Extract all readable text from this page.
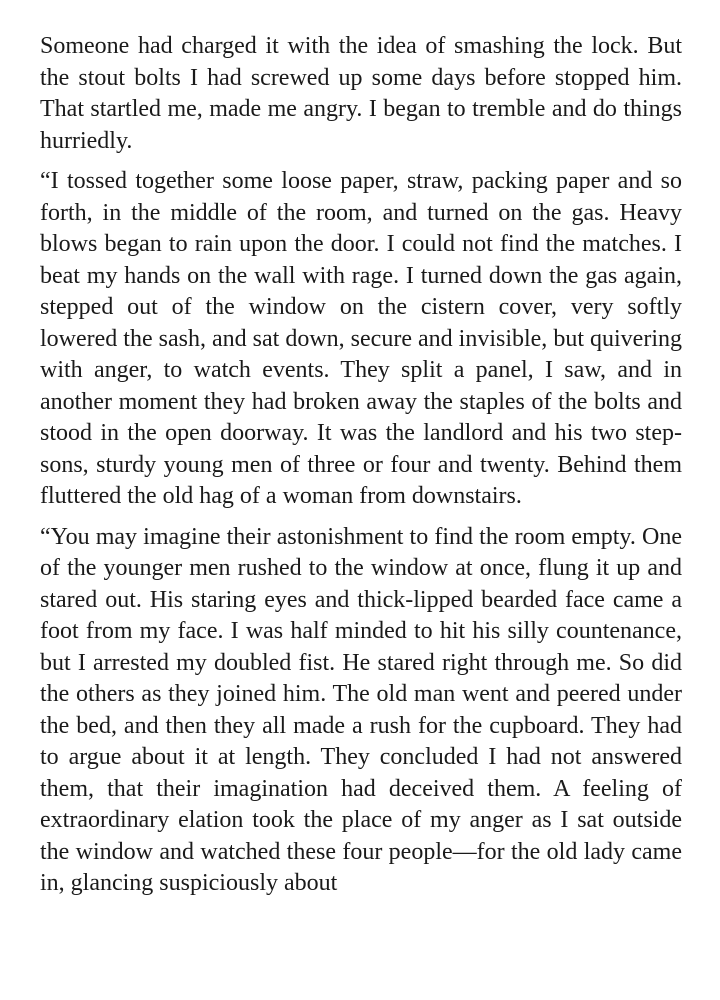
Someone had charged it with the idea of smashing the lock. But the stout bolts I had screwed up some days before stopped him. That startled me, made me angry. I began to tremble and do things hurriedly.

“I tossed together some loose paper, straw, packing paper and so forth, in the middle of the room, and turned on the gas. Heavy blows began to rain upon the door. I could not find the matches. I beat my hands on the wall with rage. I turned down the gas again, stepped out of the window on the cistern cover, very softly lowered the sash, and sat down, secure and invisible, but quivering with anger, to watch events. They split a panel, I saw, and in another moment they had broken away the staples of the bolts and stood in the open doorway. It was the landlord and his two step-sons, sturdy young men of three or four and twenty. Behind them fluttered the old hag of a woman from downstairs.

“You may imagine their astonishment to find the room empty. One of the younger men rushed to the window at once, flung it up and stared out. His staring eyes and thick-lipped bearded face came a foot from my face. I was half minded to hit his silly countenance, but I arrested my doubled fist. He stared right through me. So did the others as they joined him. The old man went and peered under the bed, and then they all made a rush for the cupboard. They had to argue about it at length. They concluded I had not answered them, that their imagination had deceived them. A feeling of extraordinary elation took the place of my anger as I sat outside the window and watched these four people—for the old lady came in, glancing suspiciously about
